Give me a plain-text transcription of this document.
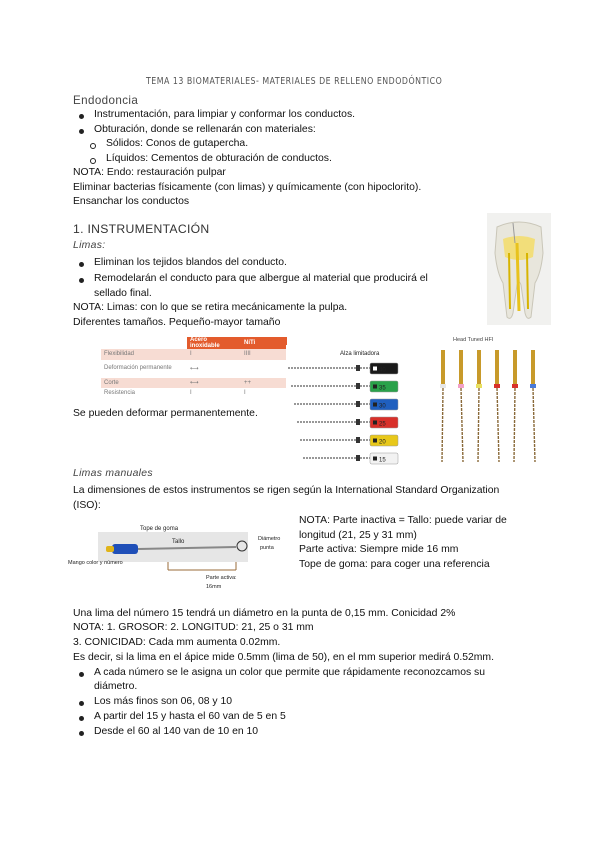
TEMA 13 BIOMATERIALES- MATERIALES DE RELLENO ENDODÓNTICO
Endodoncia
Instrumentación, para limpiar y conformar los conductos.
Obturación, donde se rellenarán con materiales:
Sólidos: Conos de gutapercha.
Líquidos: Cementos de obturación de conductos.
NOTA: Endo: restauración pulpar
Eliminar bacterias físicamente (con limas) y químicamente (con hipoclorito).
Ensanchar los conductos
1. INSTRUMENTACIÓN
Limas:
Eliminan los tejidos blandos del conducto.
Remodelarán el conducto para que albergue al material que producirá el
sellado final.
NOTA: Limas: con lo que se retira mecánicamente la pulpa.
Diferentes tamaños. Pequeño-mayor tamaño
	Acero inoxidable	NiTi
Flexibilidad	I	IIII
Deformación permanente	⟷	
Corte	⟷	++
Resistencia	I	I
Se pueden deformar permanentemente.
Alza limitadora
40
35
30
25
20
15
Head Tuned HFI
Limas manuales
La dimensiones de estos instrumentos se rigen según la International Standard Organization
(ISO):
Tope de goma
Tallo	Diámetro
punta
Mango color y número
Parte activa:
16mm
NOTA: Parte inactiva = Tallo: puede variar de
longitud (21, 25 y 31 mm)
Parte activa: Siempre mide 16 mm
Tope de goma: para coger una referencia
Una lima del número 15 tendrá un diámetro en la punta de 0,15 mm. Conicidad 2%
NOTA: 1. GROSOR: 2. LONGITUD: 21, 25 o 31 mm
3. CONICIDAD: Cada mm aumenta 0.02mm.
Es decir, si la lima en el ápice mide 0.5mm (lima de 50), en el mm superior medirá 0.52mm.
A cada número se le asigna un color que permite que rápidamente reconozcamos su
diámetro.
Los más finos son 06, 08 y 10
A partir del 15 y hasta el 60 van de 5 en 5
Desde el 60 al 140 van de 10 en 10
